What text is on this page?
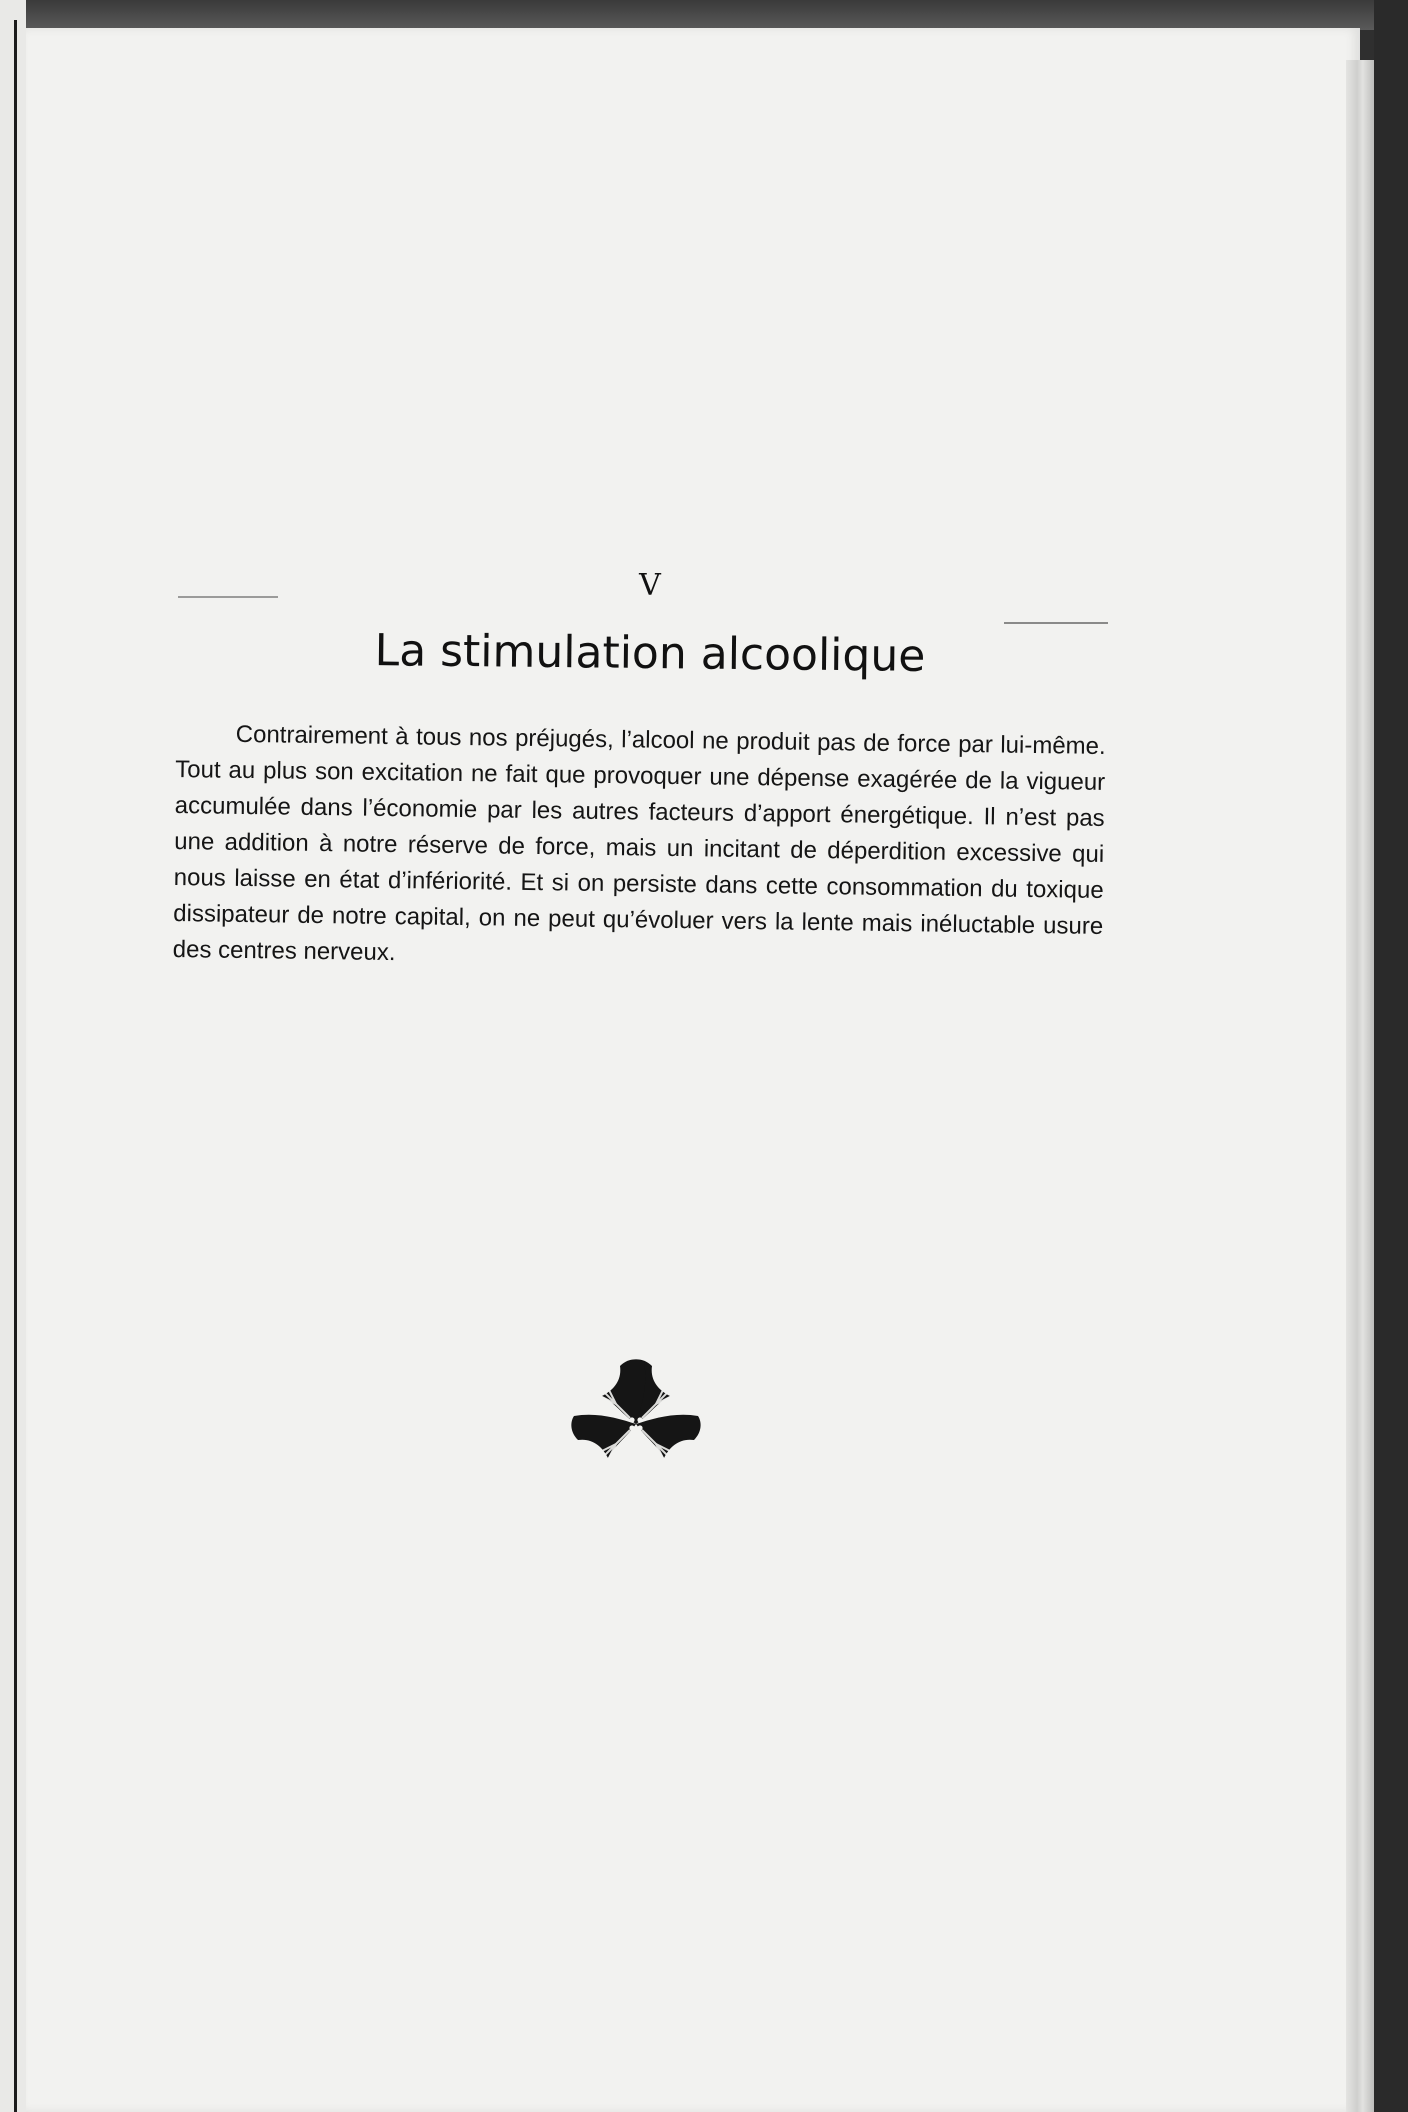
V
La stimulation alcoolique

Contrairement à tous nos préjugés, l’alcool ne produit pas de force par lui-même. Tout au plus son excitation ne fait que provoquer une dépense exagérée de la vigueur accumulée dans l’économie par les autres facteurs d’apport énergétique. Il n’est pas une addition à notre réserve de force, mais un incitant de déperdition excessive qui nous laisse en état d’infériorité. Et si on persiste dans cette consommation du toxique dissipateur de notre capital, on ne peut qu’évoluer vers la lente mais inéluctable usure des centres nerveux.
